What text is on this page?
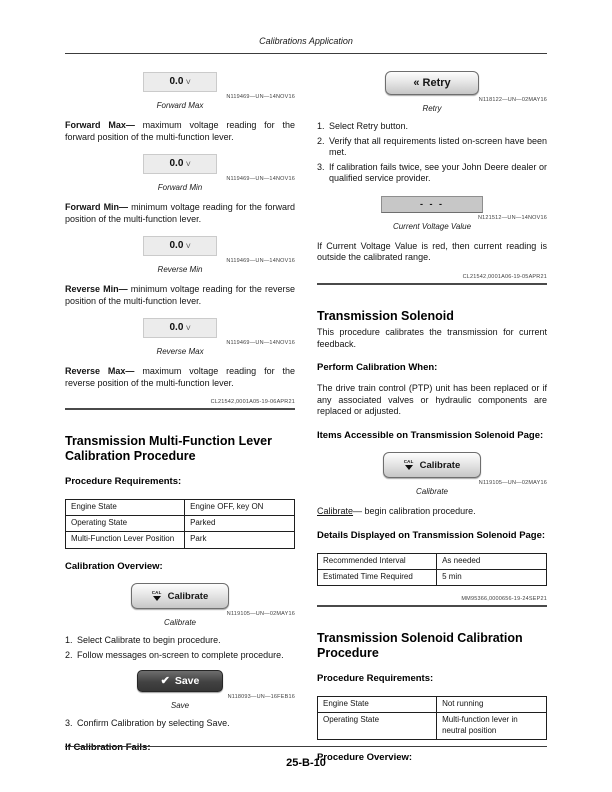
Calibrations Application
0.0 V
N119469—UN—14NOV16
Forward Max

Forward Max— maximum voltage reading for the forward position of the multi-function lever.

0.0 V
N119469—UN—14NOV16
Forward Min

Forward Min— minimum voltage reading for the forward position of the multi-function lever.

0.0 V
N119469—UN—14NOV16
Reverse Min

Reverse Min— minimum voltage reading for the reverse position of the multi-function lever.

0.0 V
N119469—UN—14NOV16
Reverse Max

Reverse Max— maximum voltage reading for the reverse position of the multi-function lever.

CL21542,0001A05-19-06APR21
Transmission Multi-Function Lever Calibration Procedure
Procedure Requirements:
Engine State	Engine OFF, key ON
Operating State	Parked
Multi-Function Lever Position	Park
Calibration Overview:
CAL Calibrate
N119105—UN—02MAY16
Calibrate
1. Select Calibrate to begin procedure.
2. Follow messages on-screen to complete procedure.
✔ Save
N118093—UN—16FEB16
Save
3. Confirm Calibration by selecting Save.
If Calibration Fails:
« Retry
N118122—UN—02MAY16
Retry
1. Select Retry button.
2. Verify that all requirements listed on-screen have been met.
3. If calibration fails twice, see your John Deere dealer or qualified service provider.
- - -
N121512—UN—14NOV16
Current Voltage Value

If Current Voltage Value is red, then current reading is outside the calibrated range.

CL21542,0001A06-19-05APR21
Transmission Solenoid

This procedure calibrates the transmission for current feedback.

Perform Calibration When:

The drive train control (PTP) unit has been replaced or if any associated valves or hydraulic components are replaced or adjusted.

Items Accessible on Transmission Solenoid Page:
CAL Calibrate
N119105—UN—02MAY16
Calibrate

Calibrate— begin calibration procedure.

Details Displayed on Transmission Solenoid Page:
Recommended Interval	As needed
Estimated Time Required	5 min
MM95366,0000656-19-24SEP21
Transmission Solenoid Calibration Procedure
Procedure Requirements:
Engine State	Not running
Operating State	Multi-function lever in neutral position
Procedure Overview:
25-B-10
